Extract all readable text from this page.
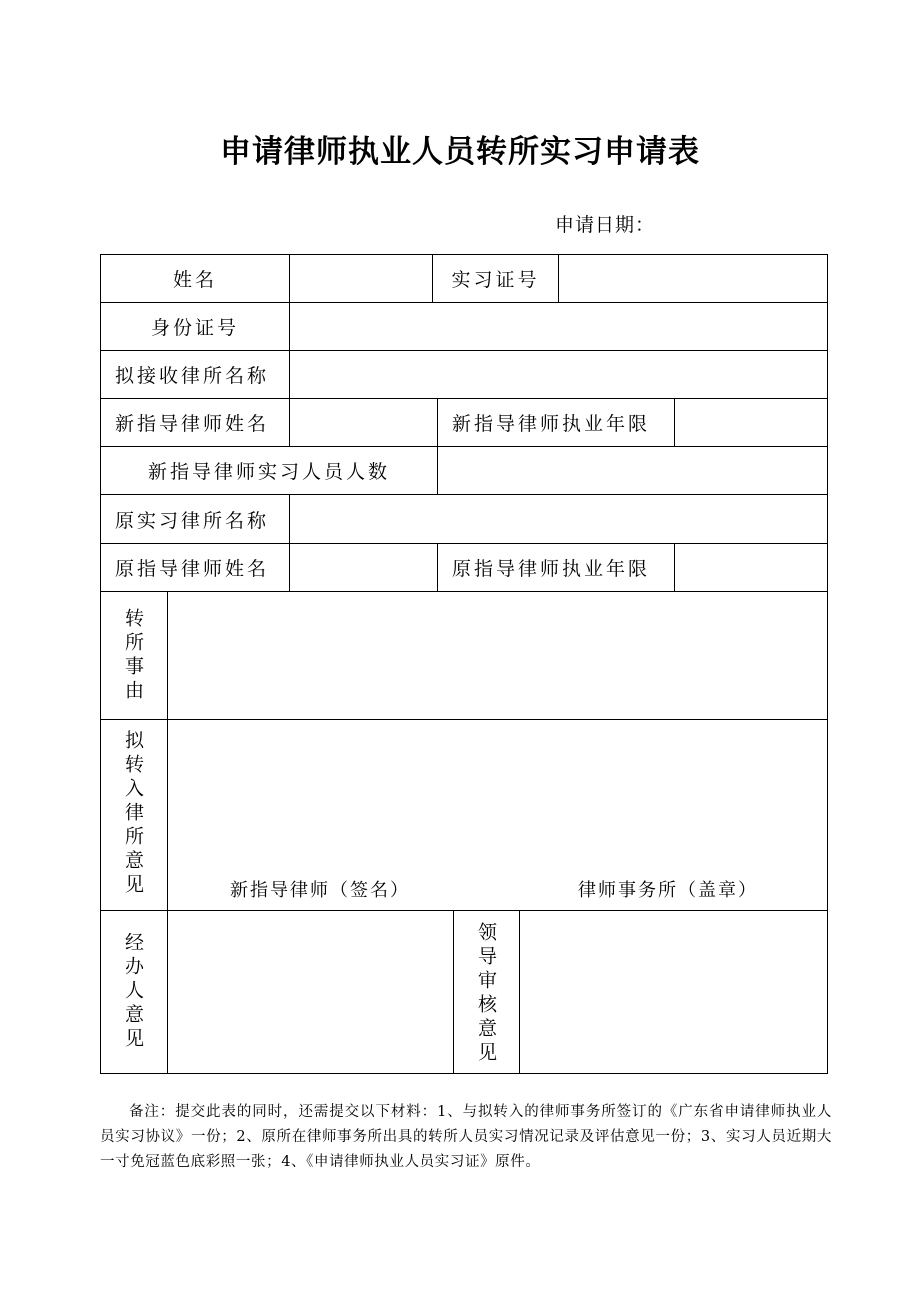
申请律师执业人员转所实习申请表
申请日期：
姓名	实习证号
身份证号
拟接收律所名称
新指导律师姓名	新指导律师执业年限
新指导律师实习人员人数
原实习律所名称
原指导律师姓名	原指导律师执业年限
转所事由
拟转入律所意见	新指导律师（签名）	律师事务所（盖章）
经办人意见	领导审核意见
备注：提交此表的同时，还需提交以下材料：1、与拟转入的律师事务所签订的《广东省申请律师执业人员实习协议》一份；2、原所在律师事务所出具的转所人员实习情况记录及评估意见一份；3、实习人员近期大一寸免冠蓝色底彩照一张；4、《申请律师执业人员实习证》原件。
